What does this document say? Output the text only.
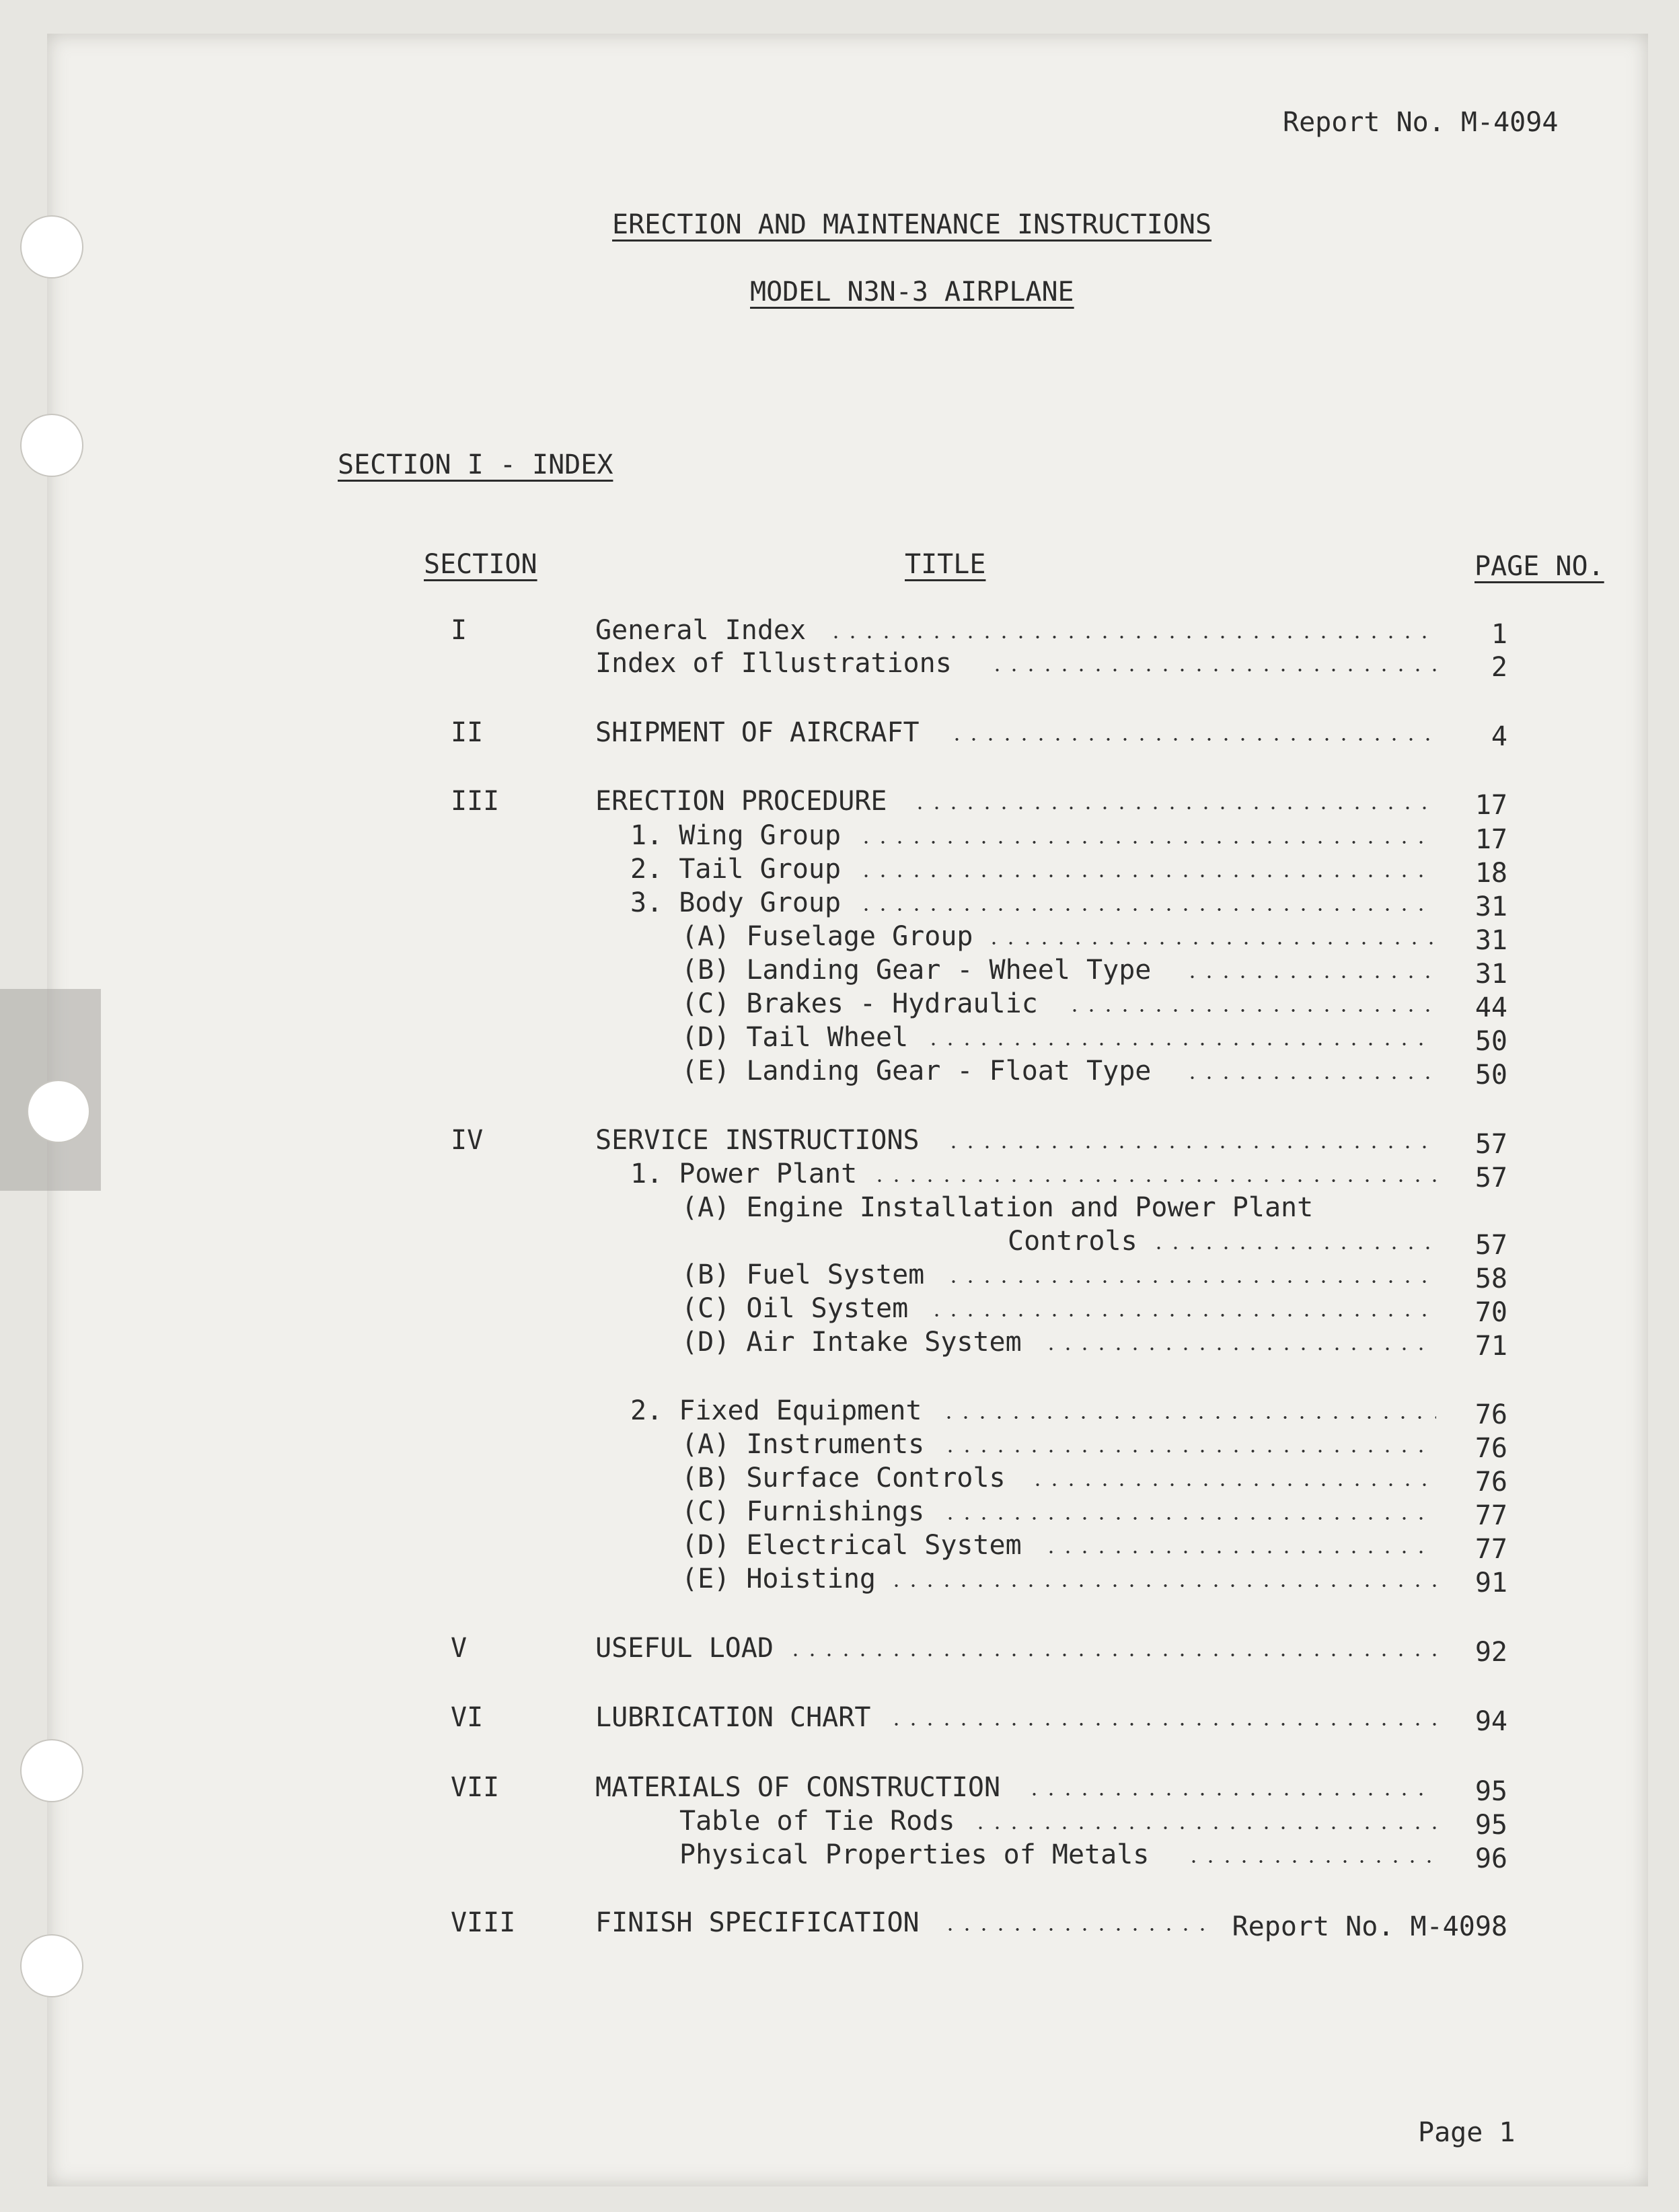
Report No. M-4094
ERECTION AND MAINTENANCE INSTRUCTIONS
MODEL N3N-3 AIRPLANE
SECTION I - INDEX
SECTION	TITLE	PAGE NO.
I	General Index	1
Index of Illustrations	2
II	SHIPMENT OF AIRCRAFT	4
III	ERECTION PROCEDURE	17
1. Wing Group	17
2. Tail Group	18
3. Body Group	31
(A) Fuselage Group	31
(B) Landing Gear - Wheel Type	31
(C) Brakes - Hydraulic	44
(D) Tail Wheel	50
(E) Landing Gear - Float Type	50
IV	SERVICE INSTRUCTIONS	57
1. Power Plant	57
(A) Engine Installation and Power Plant
Controls	57
(B) Fuel System	58
(C) Oil System	70
(D) Air Intake System	71
2. Fixed Equipment	76
(A) Instruments	76
(B) Surface Controls	76
(C) Furnishings	77
(D) Electrical System	77
(E) Hoisting	91
V	USEFUL LOAD	92
VI	LUBRICATION CHART	94
VII	MATERIALS OF CONSTRUCTION	95
Table of Tie Rods	95
Physical Properties of Metals	96
VIII	FINISH SPECIFICATION	Report No. M-4098
Page 1
